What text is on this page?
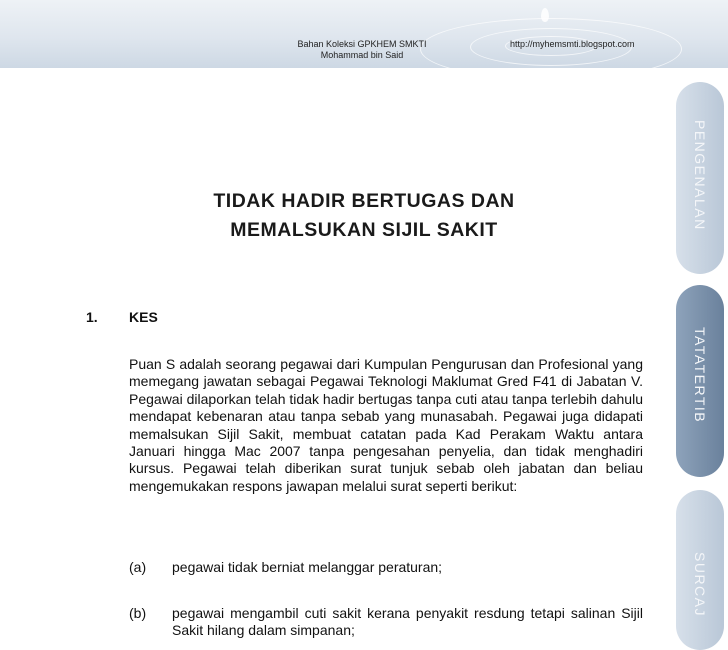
Bahan Koleksi GPKHEM SMKTI
Mohammad bin Said
http://myhemsmti.blogspot.com
TIDAK HADIR BERTUGAS DAN
MEMALSUKAN SIJIL SAKIT
1. KES
Puan S adalah seorang pegawai dari Kumpulan Pengurusan dan Profesional yang memegang jawatan sebagai Pegawai Teknologi Maklumat Gred F41 di Jabatan V. Pegawai dilaporkan telah tidak hadir bertugas tanpa cuti atau tanpa terlebih dahulu mendapat kebenaran atau tanpa sebab yang munasabah. Pegawai juga didapati memalsukan Sijil Sakit, membuat catatan pada Kad Perakam Waktu antara Januari hingga Mac 2007 tanpa pengesahan penyelia, dan tidak menghadiri kursus. Pegawai telah diberikan surat tunjuk sebab oleh jabatan dan beliau mengemukakan respons jawapan melalui surat seperti berikut:
(a) pegawai tidak berniat melanggar peraturan;
(b) pegawai mengambil cuti sakit kerana penyakit resdung tetapi salinan Sijil Sakit hilang dalam simpanan;
PENGENALAN
TATATERTIB
SURCAJ
